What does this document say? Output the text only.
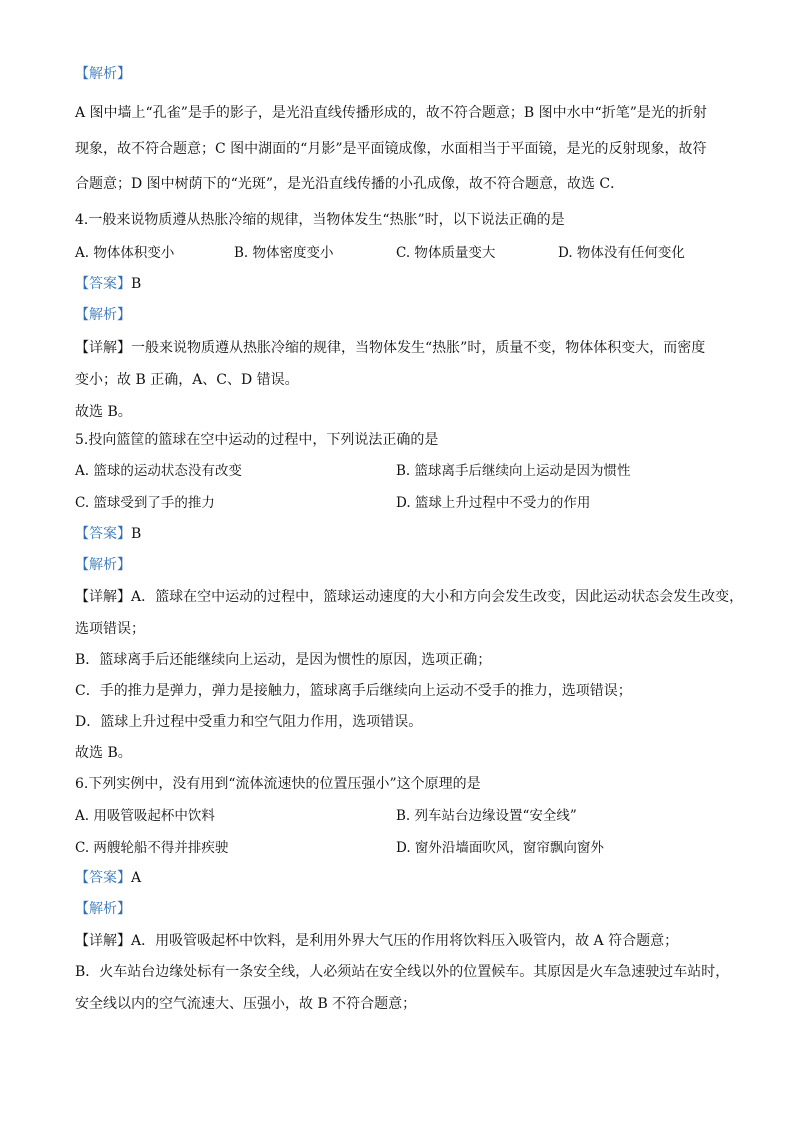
【解析】
A 图中墙上“孔雀”是手的影子，是光沿直线传播形成的，故不符合题意；B 图中水中“折笔”是光的折射
现象，故不符合题意；C 图中湖面的“月影”是平面镜成像，水面相当于平面镜，是光的反射现象，故符
合题意；D 图中树荫下的“光斑”，是光沿直线传播的小孔成像，故不符合题意，故选 C．
4.一般来说物质遵从热胀冷缩的规律，当物体发生“热胀”时，以下说法正确的是
A. 物体体积变小	B. 物体密度变小	C. 物体质量变大	D. 物体没有任何变化
【答案】B
【解析】
【详解】一般来说物质遵从热胀冷缩的规律，当物体发生“热胀”时，质量不变，物体体积变大，而密度
变小；故 B 正确，A、C、D 错误。
故选 B。
5.投向篮筐的篮球在空中运动的过程中，下列说法正确的是
A. 篮球的运动状态没有改变	B. 篮球离手后继续向上运动是因为惯性
C. 篮球受到了手的推力	D. 篮球上升过程中不受力的作用
【答案】B
【解析】
【详解】A．篮球在空中运动的过程中，篮球运动速度的大小和方向会发生改变，因此运动状态会发生改变，
选项错误；
B．篮球离手后还能继续向上运动，是因为惯性的原因，选项正确；
C．手的推力是弹力，弹力是接触力，篮球离手后继续向上运动不受手的推力，选项错误；
D．篮球上升过程中受重力和空气阻力作用，选项错误。
故选 B。
6.下列实例中，没有用到“流体流速快的位置压强小”这个原理的是
A. 用吸管吸起杯中饮料	B. 列车站台边缘设置“安全线”
C. 两艘轮船不得并排疾驶	D. 窗外沿墙面吹风，窗帘飘向窗外
【答案】A
【解析】
【详解】A．用吸管吸起杯中饮料，是利用外界大气压的作用将饮料压入吸管内，故 A 符合题意；
B．火车站台边缘处标有一条安全线，人必须站在安全线以外的位置候车。其原因是火车急速驶过车站时，
安全线以内的空气流速大、压强小，故 B 不符合题意；
